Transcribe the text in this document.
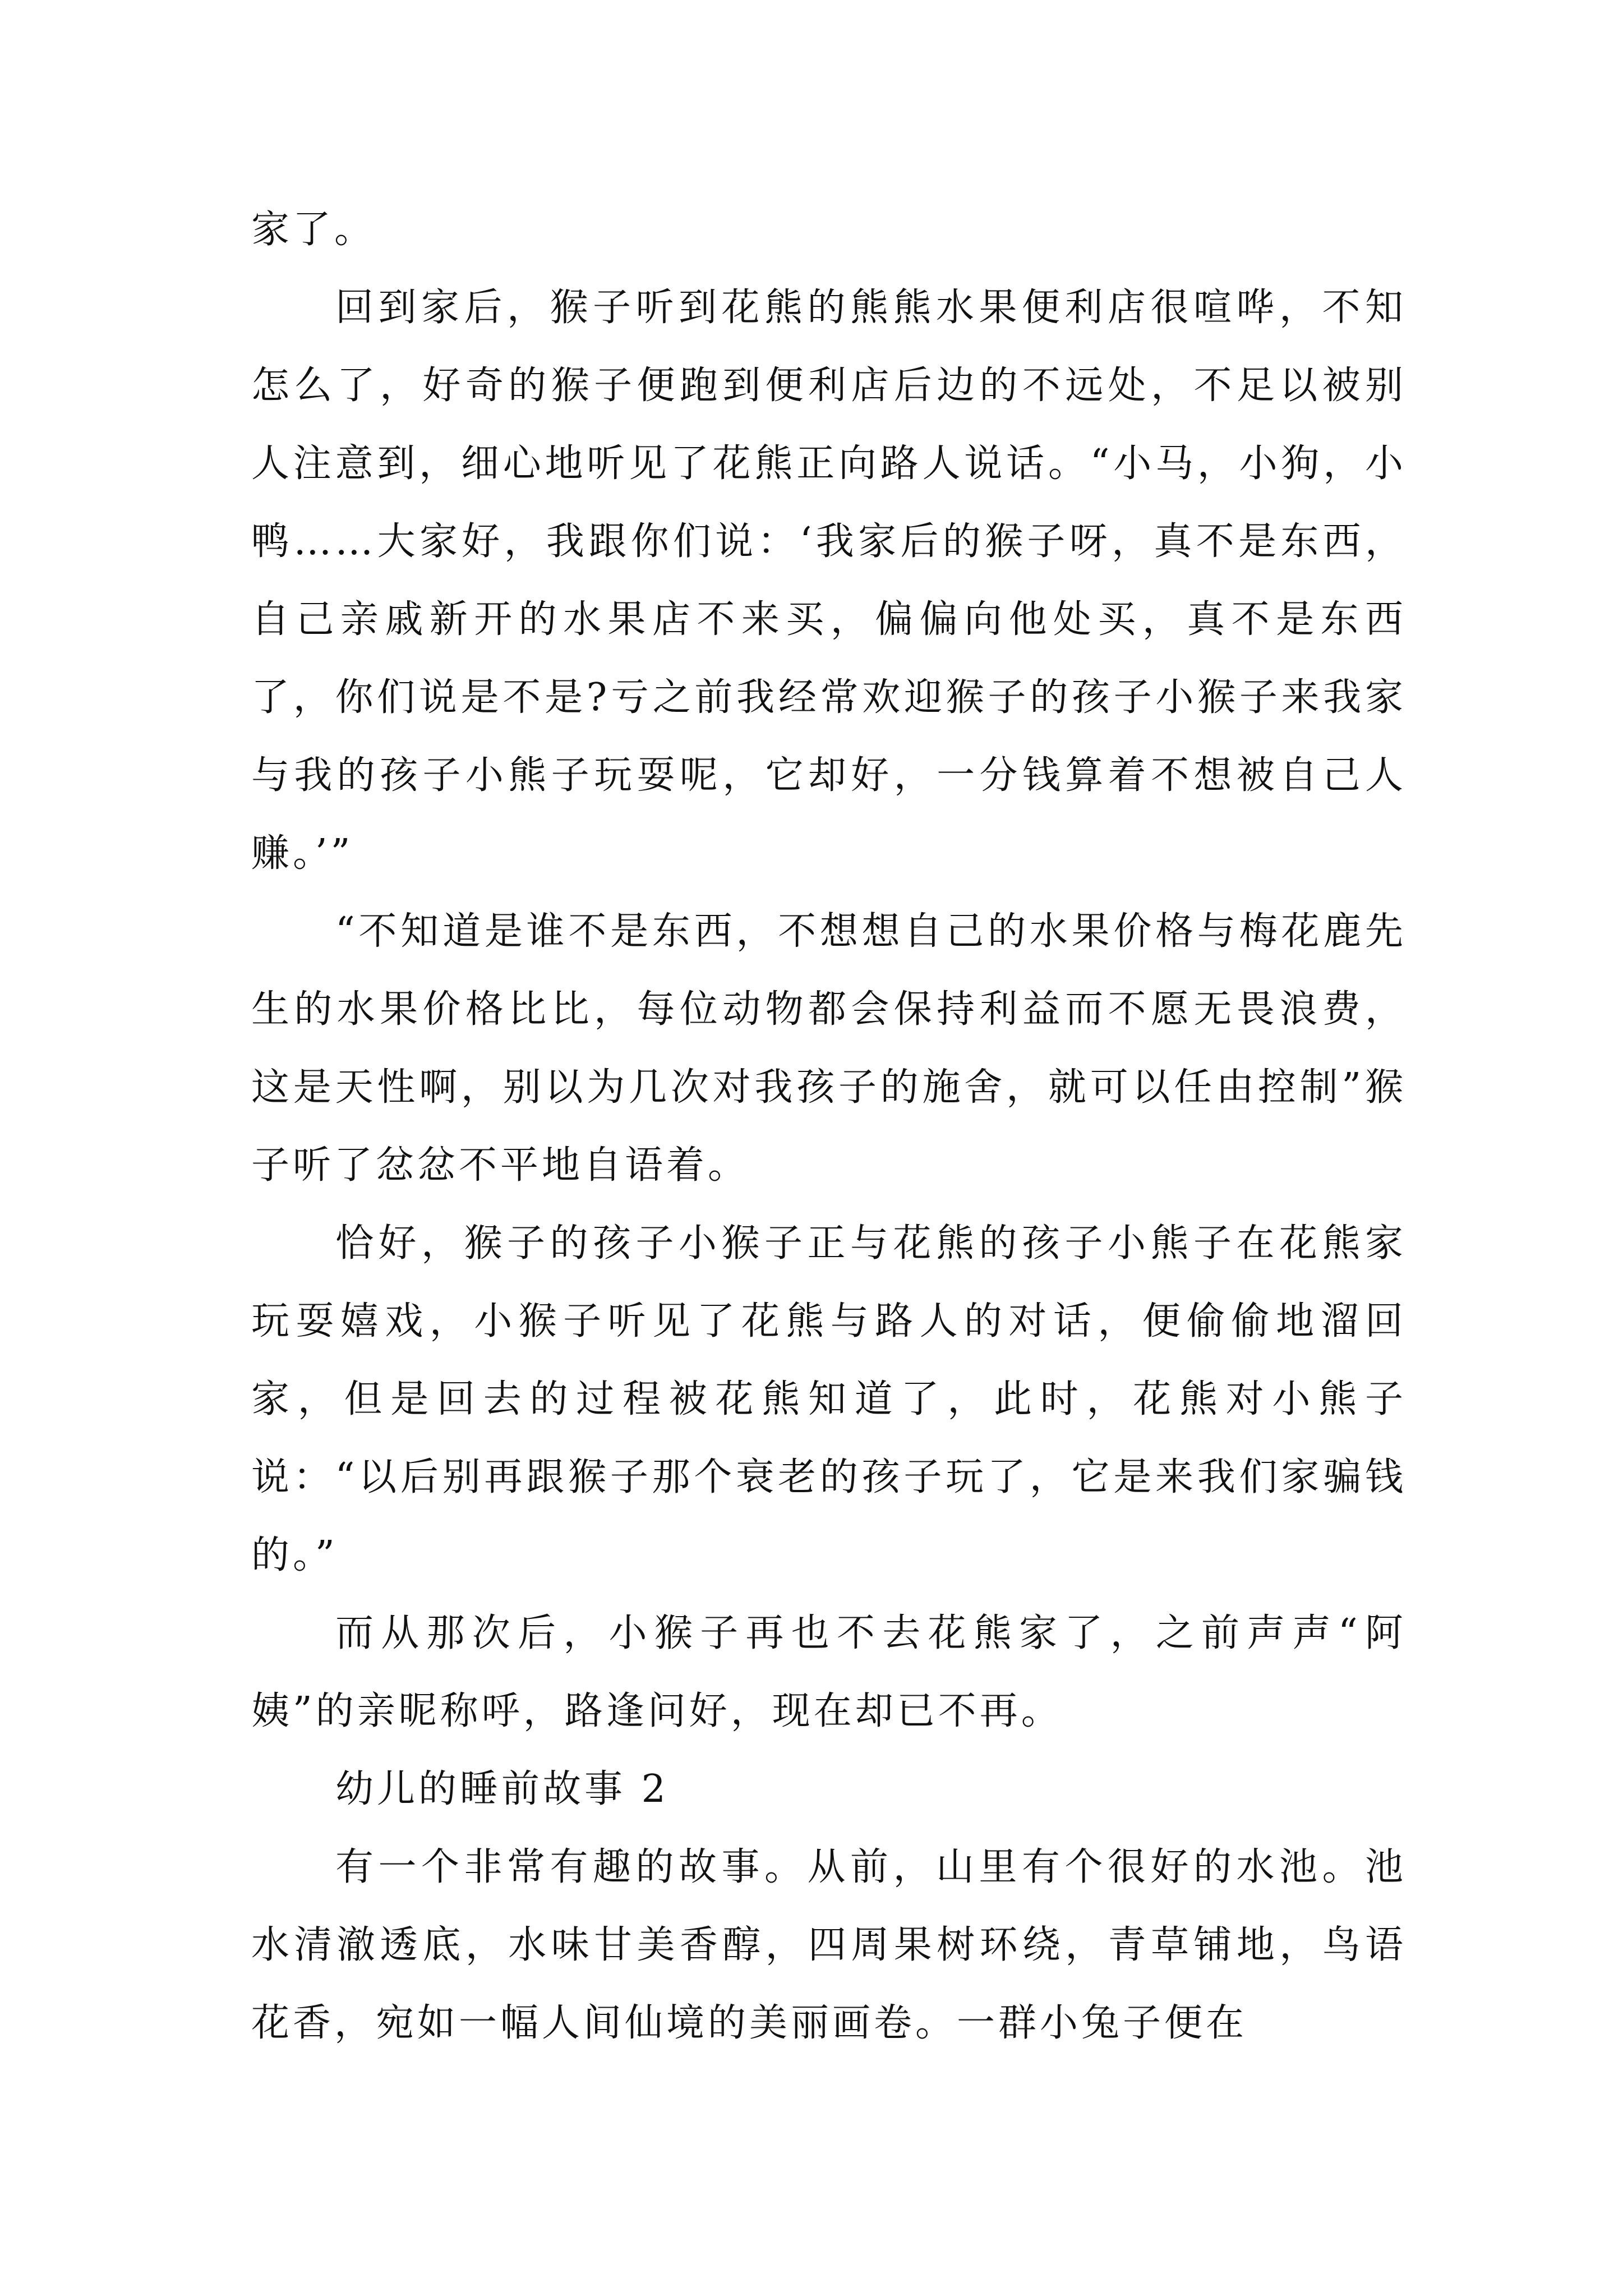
家了。

回到家后，猴子听到花熊的熊熊水果便利店很喧哗，不知怎么了，好奇的猴子便跑到便利店后边的不远处，不足以被别人注意到，细心地听见了花熊正向路人说话。“小马，小狗，小鸭……大家好，我跟你们说：‘我家后的猴子呀，真不是东西，自己亲戚新开的水果店不来买，偏偏向他处买，真不是东西了，你们说是不是?亏之前我经常欢迎猴子的孩子小猴子来我家与我的孩子小熊子玩耍呢，它却好，一分钱算着不想被自己人赚。’”

“不知道是谁不是东西，不想想自己的水果价格与梅花鹿先生的水果价格比比，每位动物都会保持利益而不愿无畏浪费，这是天性啊，别以为几次对我孩子的施舍，就可以任由控制”猴子听了忿忿不平地自语着。

恰好，猴子的孩子小猴子正与花熊的孩子小熊子在花熊家玩耍嬉戏，小猴子听见了花熊与路人的对话，便偷偷地溜回家，但是回去的过程被花熊知道了，此时，花熊对小熊子说：“以后别再跟猴子那个衰老的孩子玩了，它是来我们家骗钱的。”

而从那次后，小猴子再也不去花熊家了，之前声声“阿姨”的亲昵称呼，路逢问好，现在却已不再。

幼儿的睡前故事 2

有一个非常有趣的故事。从前，山里有个很好的水池。池水清澈透底，水味甘美香醇，四周果树环绕，青草铺地，鸟语花香，宛如一幅人间仙境的美丽画卷。一群小兔子便在
